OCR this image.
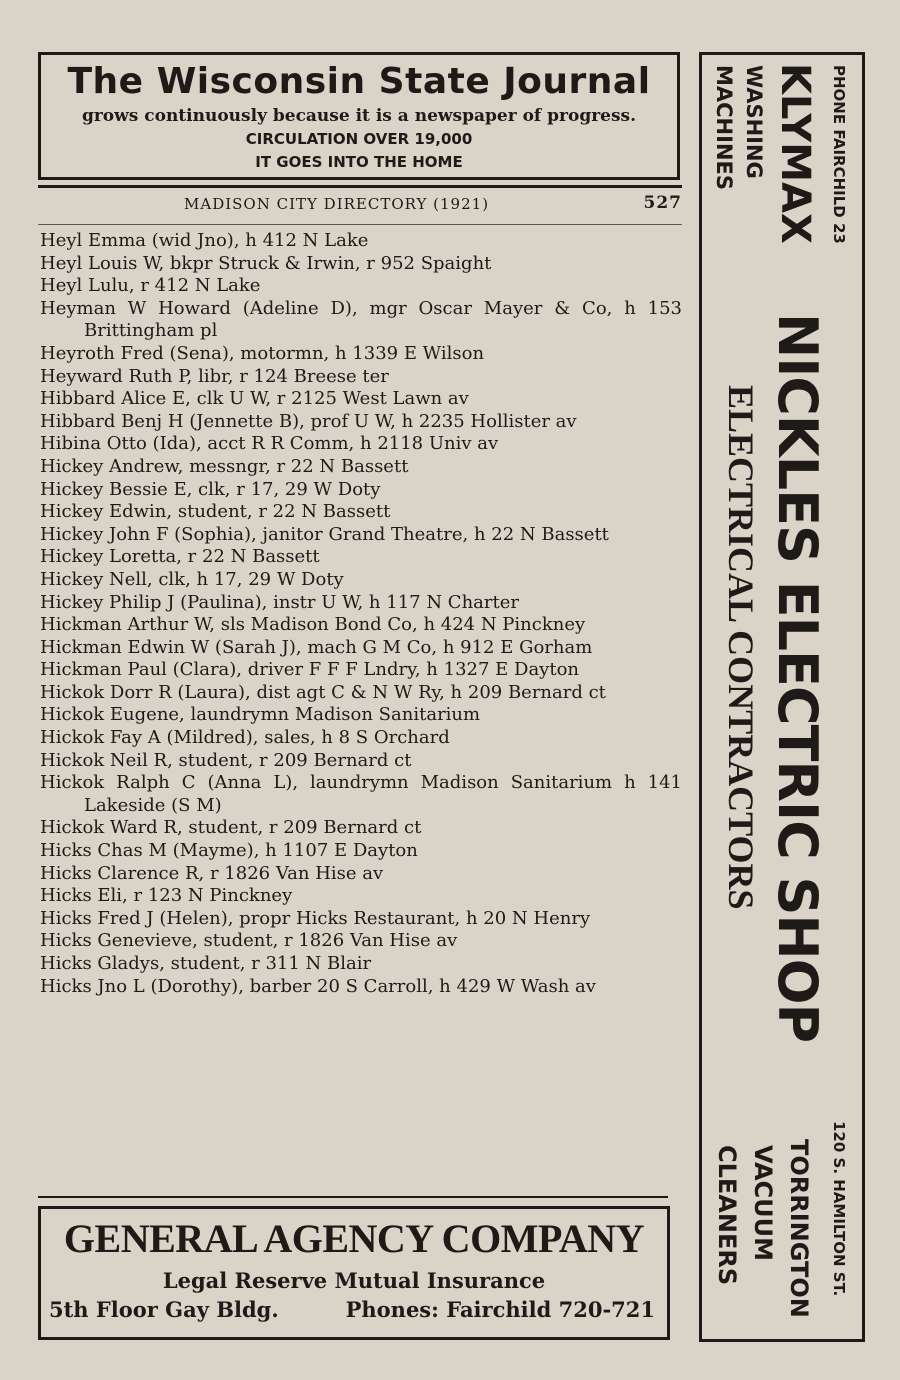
The Wisconsin State Journal
grows continuously because it is a newspaper of progress.
CIRCULATION OVER 19,000
IT GOES INTO THE HOME
MADISON CITY DIRECTORY (1921)	527
Heyl Emma (wid Jno), h 412 N Lake
Heyl Louis W, bkpr Struck & Irwin, r 952 Spaight
Heyl Lulu, r 412 N Lake
Heyman W Howard (Adeline D), mgr Oscar Mayer & Co, h 153 Brittingham pl
Heyroth Fred (Sena), motormn, h 1339 E Wilson
Heyward Ruth P, libr, r 124 Breese ter
Hibbard Alice E, clk U W, r 2125 West Lawn av
Hibbard Benj H (Jennette B), prof U W, h 2235 Hollister av
Hibina Otto (Ida), acct R R Comm, h 2118 Univ av
Hickey Andrew, messngr, r 22 N Bassett
Hickey Bessie E, clk, r 17, 29 W Doty
Hickey Edwin, student, r 22 N Bassett
Hickey John F (Sophia), janitor Grand Theatre, h 22 N Bassett
Hickey Loretta, r 22 N Bassett
Hickey Nell, clk, h 17, 29 W Doty
Hickey Philip J (Paulina), instr U W, h 117 N Charter
Hickman Arthur W, sls Madison Bond Co, h 424 N Pinckney
Hickman Edwin W (Sarah J), mach G M Co, h 912 E Gorham
Hickman Paul (Clara), driver F F F Lndry, h 1327 E Dayton
Hickok Dorr R (Laura), dist agt C & N W Ry, h 209 Bernard ct
Hickok Eugene, laundrymn Madison Sanitarium
Hickok Fay A (Mildred), sales, h 8 S Orchard
Hickok Neil R, student, r 209 Bernard ct
Hickok Ralph C (Anna L), laundrymn Madison Sanitarium h 141 Lakeside (S M)
Hickok Ward R, student, r 209 Bernard ct
Hicks Chas M (Mayme), h 1107 E Dayton
Hicks Clarence R, r 1826 Van Hise av
Hicks Eli, r 123 N Pinckney
Hicks Fred J (Helen), propr Hicks Restaurant, h 20 N Henry
Hicks Genevieve, student, r 1826 Van Hise av
Hicks Gladys, student, r 311 N Blair
Hicks Jno L (Dorothy), barber 20 S Carroll, h 429 W Wash av
GENERAL AGENCY COMPANY
Legal Reserve Mutual Insurance
5th Floor Gay Bldg.	Phones: Fairchild 720-721
PHONE FAIRCHILD 23
KLYMAX
WASHING
MACHINES
NICKLES ELECTRIC SHOP
ELECTRICAL CONTRACTORS
120 S. HAMILTON ST.
TORRINGTON
VACUUM
CLEANERS
